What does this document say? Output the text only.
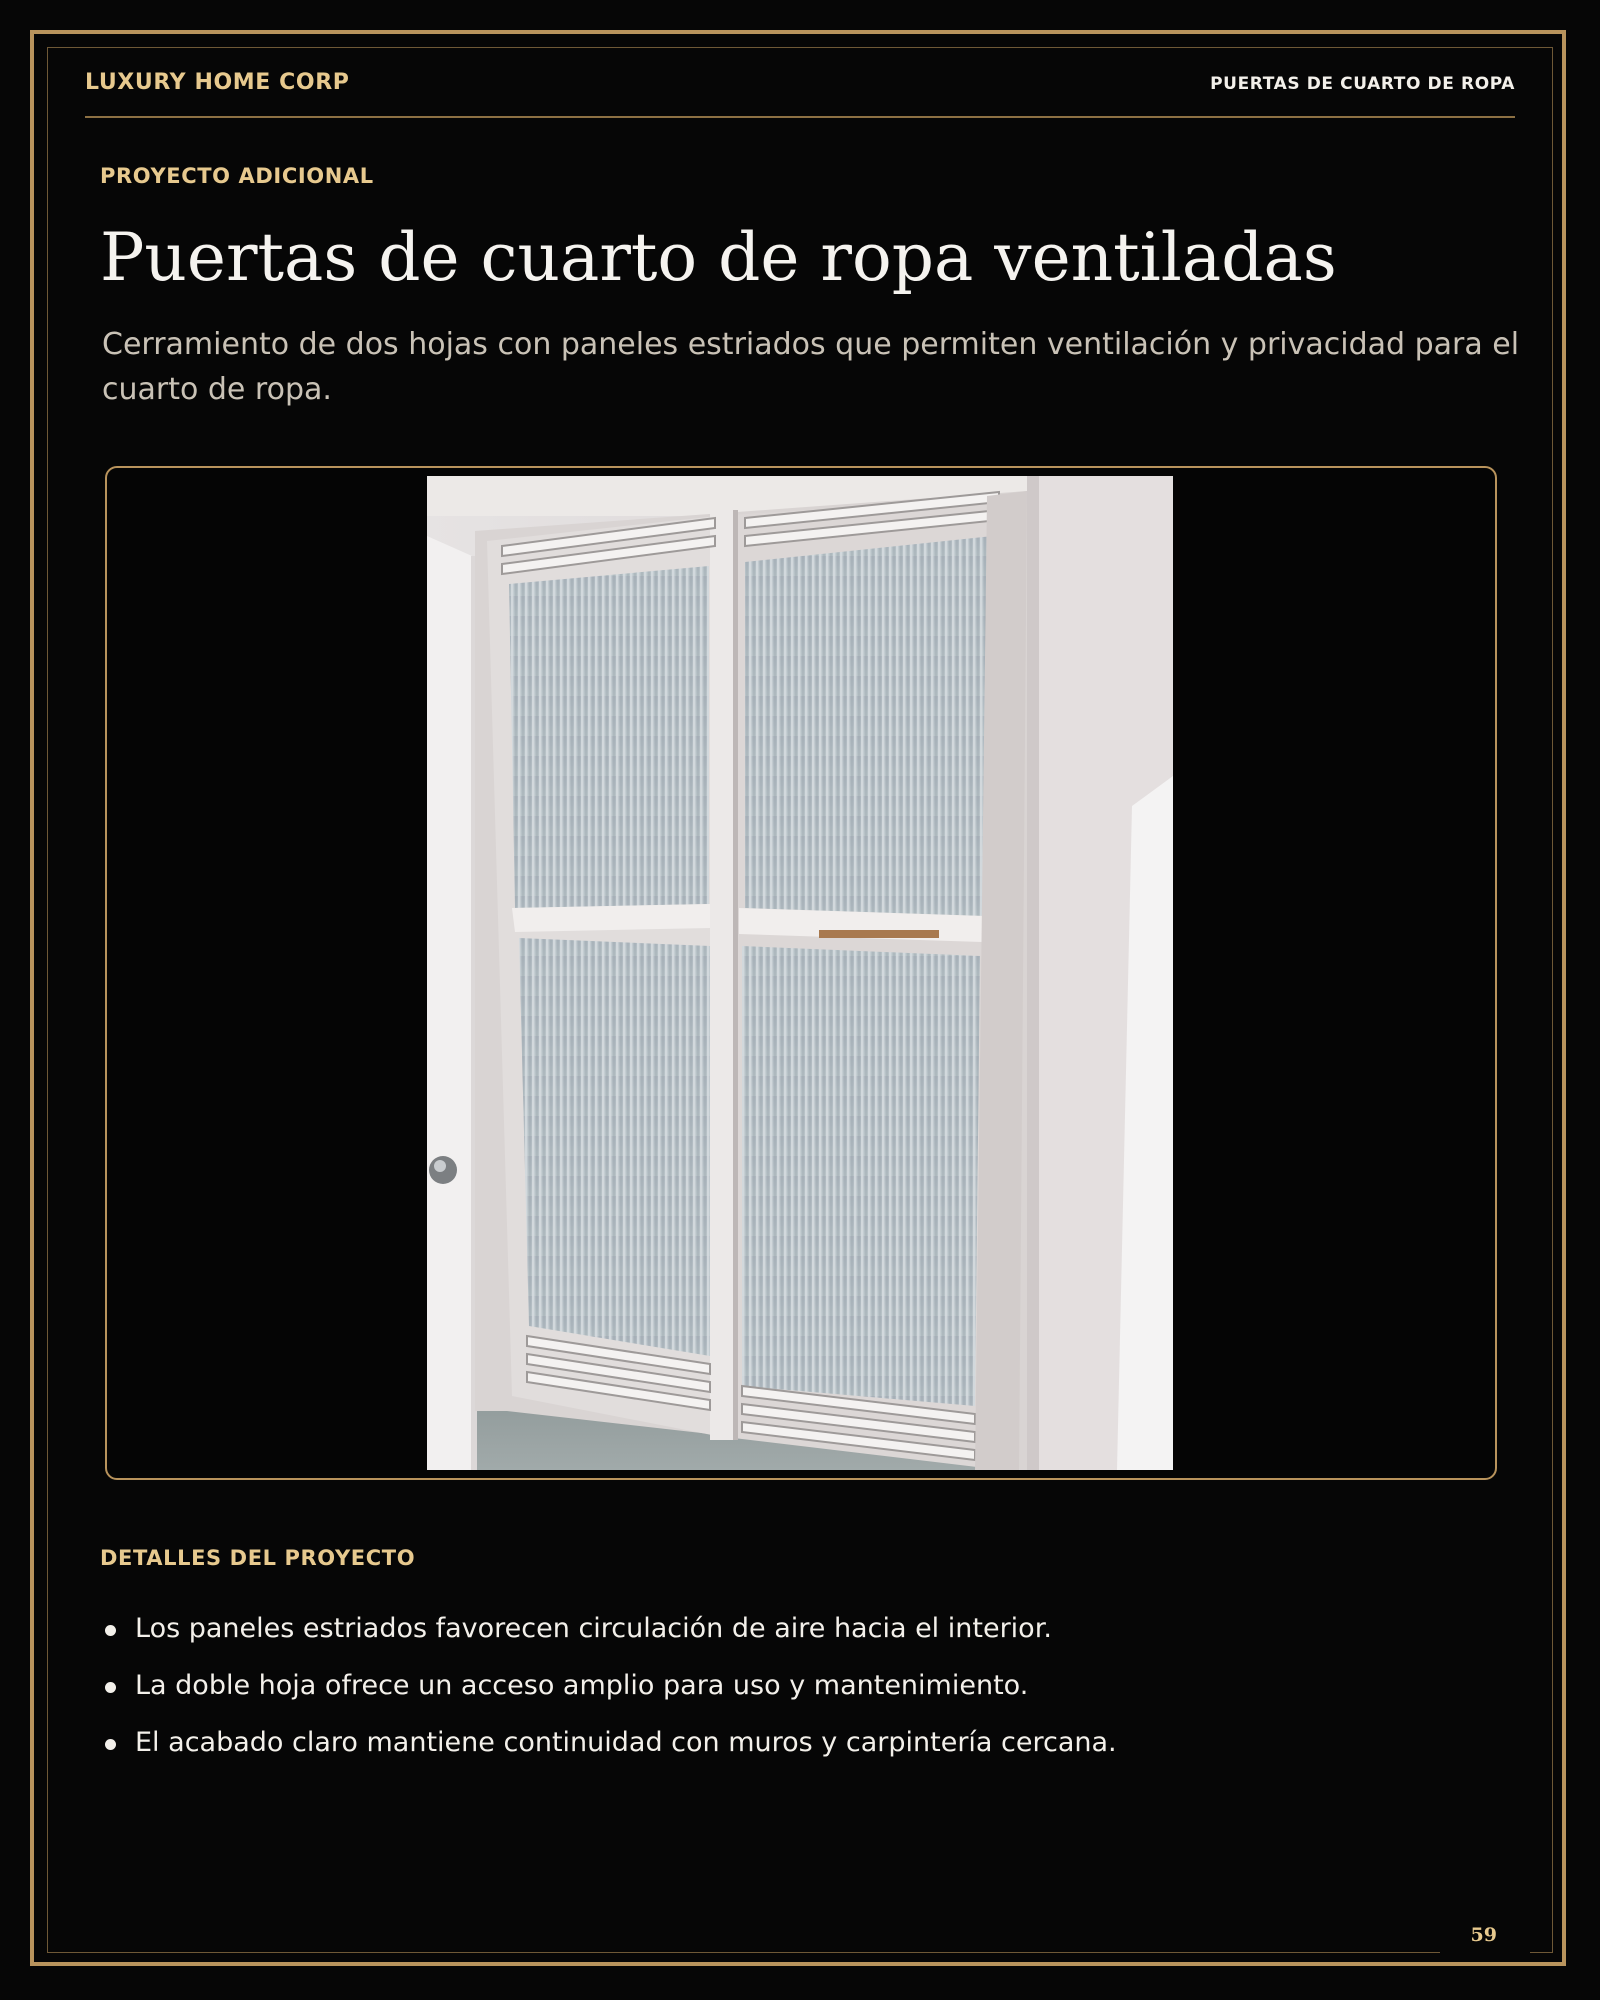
LUXURY HOME CORP	PUERTAS DE CUARTO DE ROPA
PROYECTO ADICIONAL
Puertas de cuarto de ropa ventiladas

Cerramiento de dos hojas con paneles estriados que permiten ventilación y privacidad para el cuarto de ropa.

DETALLES DEL PROYECTO
Los paneles estriados favorecen circulación de aire hacia el interior.
La doble hoja ofrece un acceso amplio para uso y mantenimiento.
El acabado claro mantiene continuidad con muros y carpintería cercana.
59
